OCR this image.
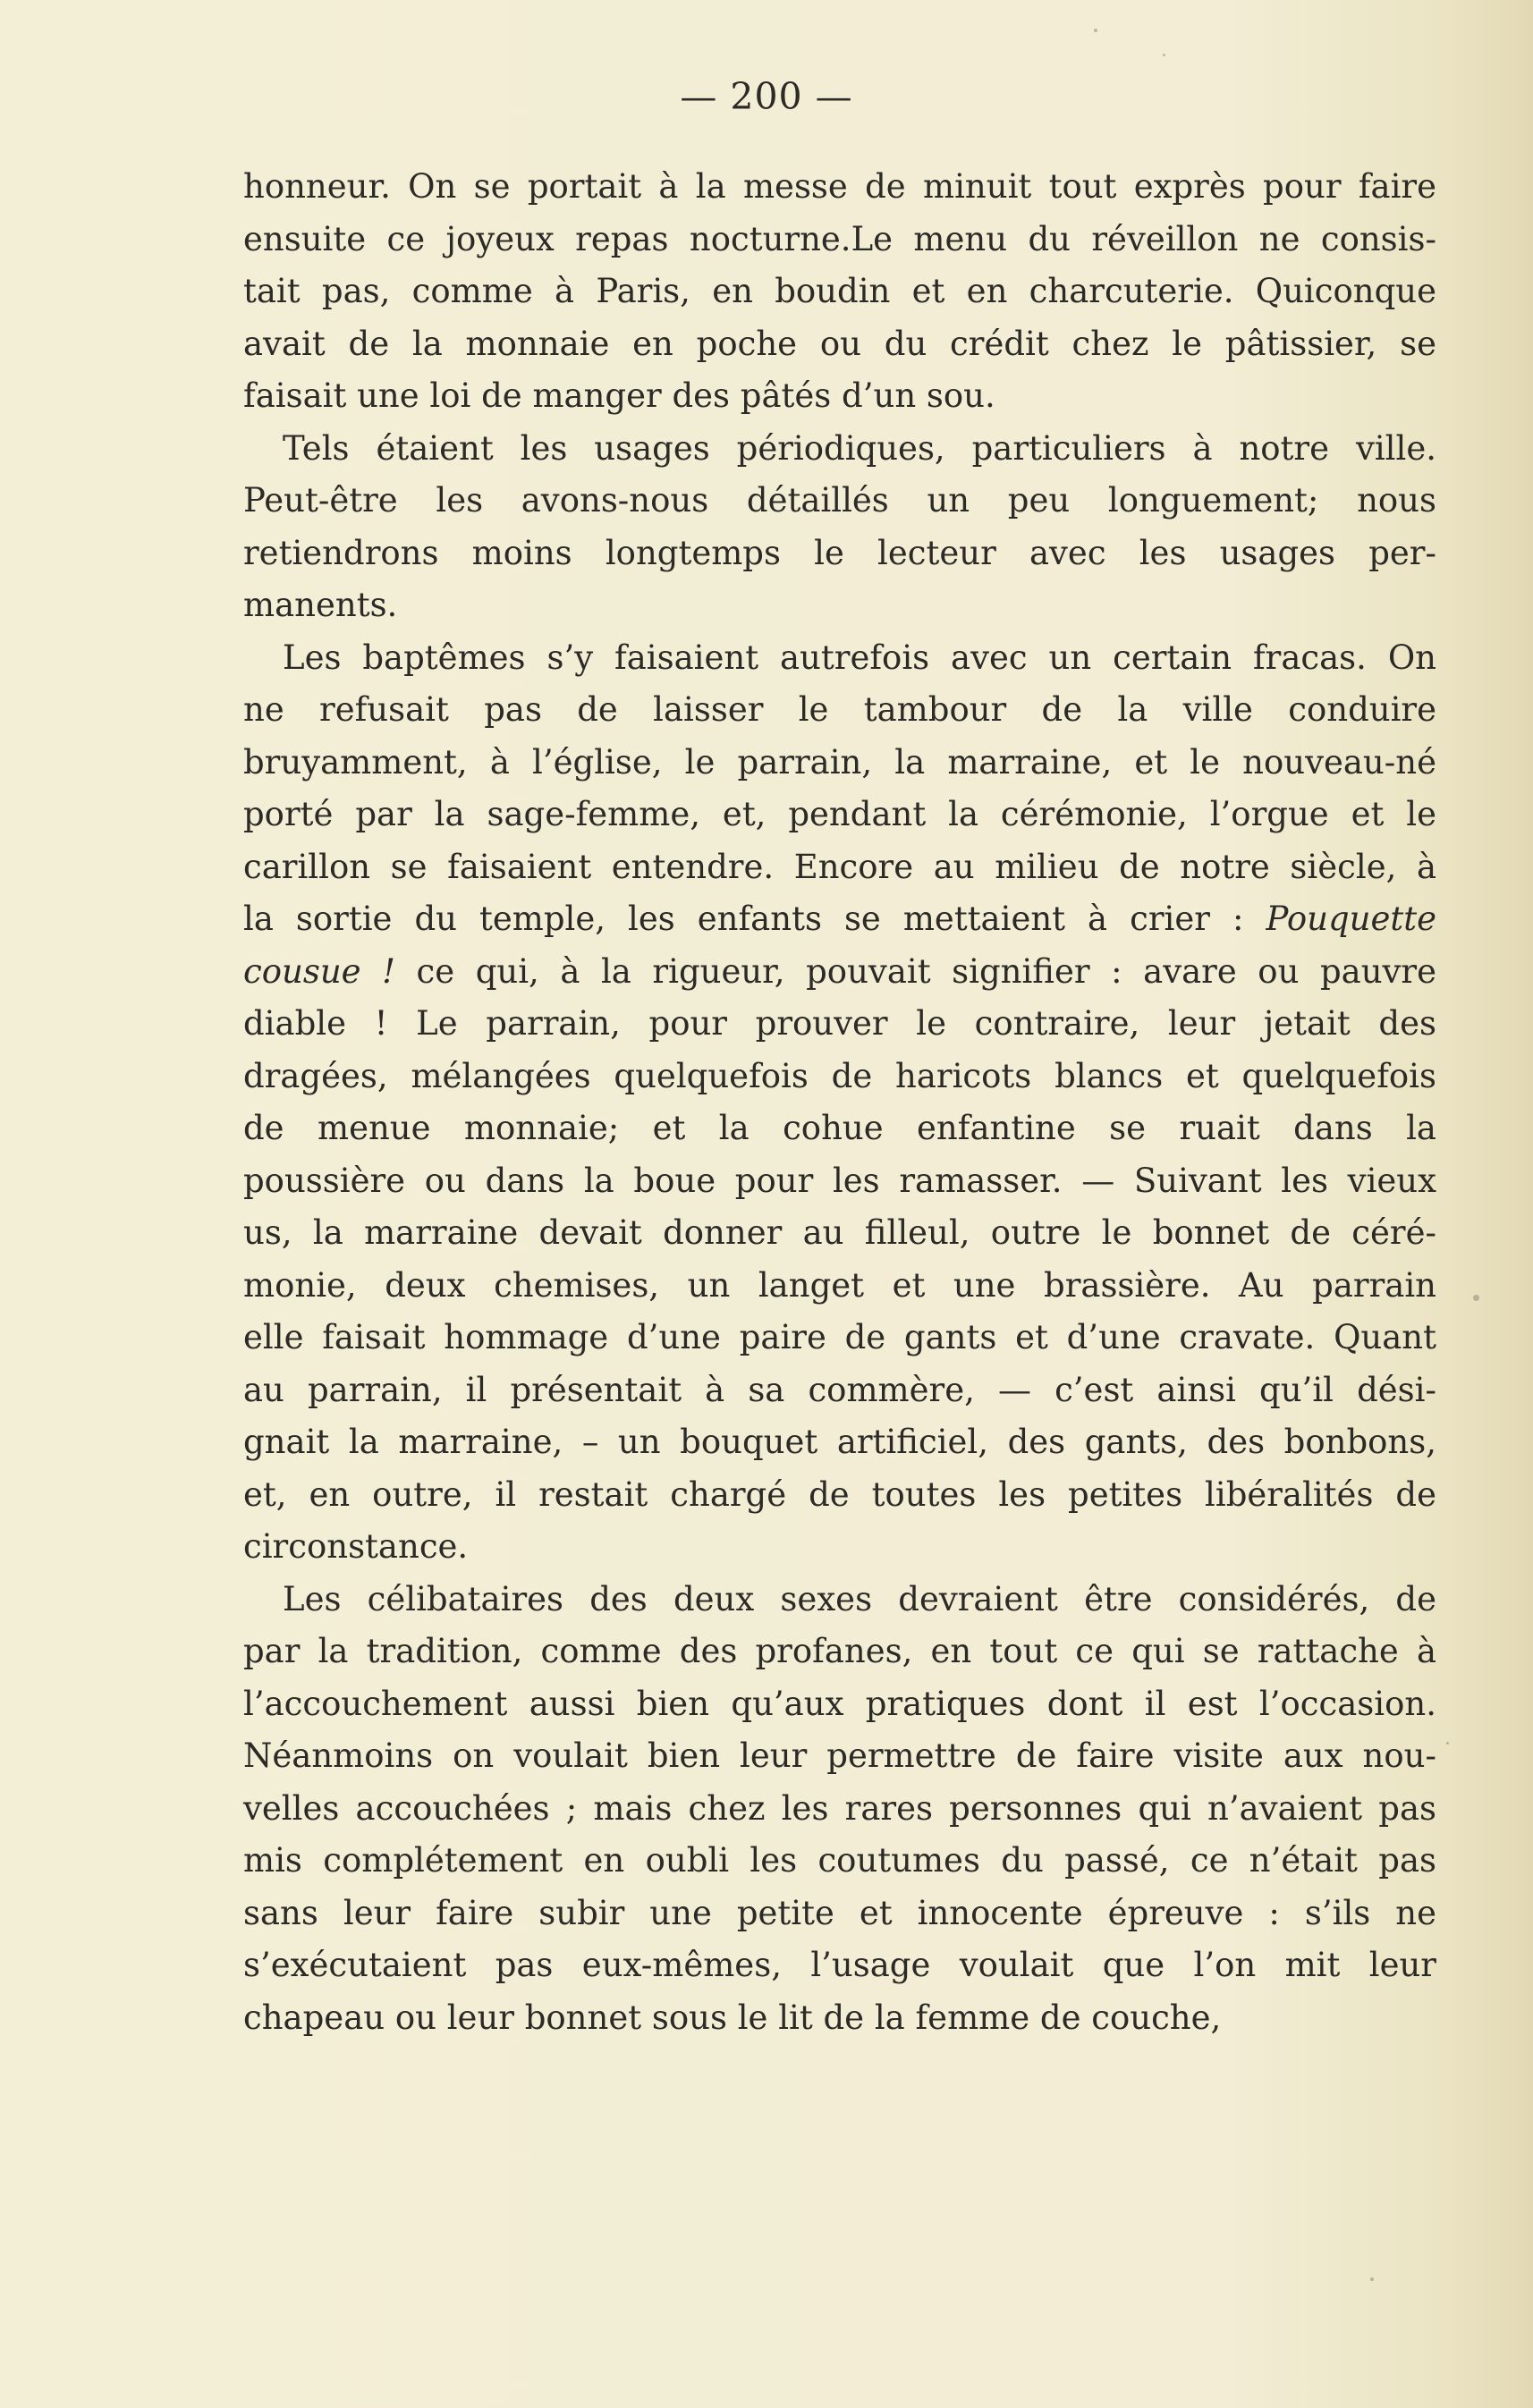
— 200 —

honneur. On se portait à la messe de minuit tout exprès pour faire
ensuite ce joyeux repas nocturne.Le menu du réveillon ne consis-
tait pas, comme à Paris, en boudin et en charcuterie. Quiconque
avait de la monnaie en poche ou du crédit chez le pâtissier, se
faisait une loi de manger des pâtés d’un sou.

Tels étaient les usages périodiques, particuliers à notre ville.
Peut-être les avons-nous détaillés un peu longuement; nous
retiendrons moins longtemps le lecteur avec les usages per-
manents.

Les baptêmes s’y faisaient autrefois avec un certain fracas. On
ne refusait pas de laisser le tambour de la ville conduire
bruyamment, à l’église, le parrain, la marraine, et le nouveau-né
porté par la sage-femme, et, pendant la cérémonie, l’orgue et le
carillon se faisaient entendre. Encore au milieu de notre siècle, à
la sortie du temple, les enfants se mettaient à crier : Pouquette
cousue ! ce qui, à la rigueur, pouvait signifier : avare ou pauvre
diable ! Le parrain, pour prouver le contraire, leur jetait des
dragées, mélangées quelquefois de haricots blancs et quelquefois
de menue monnaie; et la cohue enfantine se ruait dans la
poussière ou dans la boue pour les ramasser. — Suivant les vieux
us, la marraine devait donner au filleul, outre le bonnet de céré-
monie, deux chemises, un langet et une brassière. Au parrain
elle faisait hommage d’une paire de gants et d’une cravate. Quant
au parrain, il présentait à sa commère, — c’est ainsi qu’il dési-
gnait la marraine, – un bouquet artificiel, des gants, des bonbons,
et, en outre, il restait chargé de toutes les petites libéralités de
circonstance.

Les célibataires des deux sexes devraient être considérés, de
par la tradition, comme des profanes, en tout ce qui se rattache à
l’accouchement aussi bien qu’aux pratiques dont il est l’occasion.
Néanmoins on voulait bien leur permettre de faire visite aux nou-
velles accouchées ; mais chez les rares personnes qui n’avaient pas
mis complétement en oubli les coutumes du passé, ce n’était pas
sans leur faire subir une petite et innocente épreuve : s’ils ne
s’exécutaient pas eux-mêmes, l’usage voulait que l’on mit leur
chapeau ou leur bonnet sous le lit de la femme de couche,
